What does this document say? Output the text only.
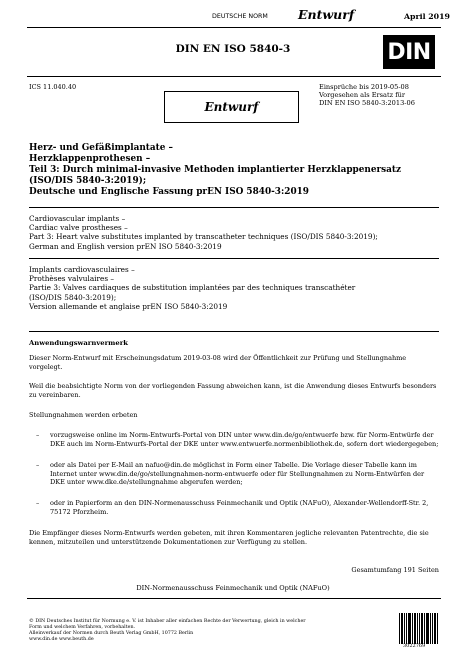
DEUTSCHE NORM Entwurf	April 2019
DIN EN ISO 5840-3	DIN
ICS 11.040.40
Entwurf
Einsprüche bis 2019-05-08
Vorgesehen als Ersatz für
DIN EN ISO 5840-3:2013-06
Herz- und Gefäßimplantate –
Herzklappenprothesen –
Teil 3: Durch minimal-invasive Methoden implantierter Herzklappenersatz
(ISO/DIS 5840-3:2019);
Deutsche und Englische Fassung prEN ISO 5840-3:2019
Cardiovascular implants –
Cardiac valve prostheses –
Part 3: Heart valve substitutes implanted by transcatheter techniques (ISO/DIS 5840-3:2019);
German and English version prEN ISO 5840-3:2019
Implants cardiovasculaires –
Prothèses valvulaires –
Partie 3: Valves cardiaques de substitution implantées par des techniques transcathéter
(ISO/DIS 5840-3:2019);
Version allemande et anglaise prEN ISO 5840-3:2019
Anwendungswarnvermerk
Dieser Norm-Entwurf mit Erscheinungsdatum 2019-03-08 wird der Öffentlichkeit zur Prüfung und Stellungnahme vorgelegt.
Weil die beabsichtigte Norm von der vorliegenden Fassung abweichen kann, ist die Anwendung dieses Entwurfs besonders zu vereinbaren.
Stellungnahmen werden erbeten
– vorzugsweise online im Norm-Entwurfs-Portal von DIN unter www.din.de/go/entwuerfe bzw. für Norm-Entwürfe der DKE auch im Norm-Entwurfs-Portal der DKE unter www.entwuerfe.normenbibliothek.de, sofern dort wiedergegeben;
– oder als Datei per E-Mail an nafuo@din.de möglichst in Form einer Tabelle. Die Vorlage dieser Tabelle kann im Internet unter www.din.de/go/stellungnahmen-norm-entwuerfe oder für Stellungnahmen zu Norm-Entwürfen der DKE unter www.dke.de/stellungnahme abgerufen werden;
– oder in Papierform an den DIN-Normenausschuss Feinmechanik und Optik (NAFuO), Alexander-Wellendorff-Str. 2, 75172 Pforzheim.
Die Empfänger dieses Norm-Entwurfs werden gebeten, mit ihren Kommentaren jegliche relevanten Patentrechte, die sie kennen, mitzuteilen und unterstützende Dokumentationen zur Verfügung zu stellen.
Gesamtumfang 191 Seiten
DIN-Normenausschuss Feinmechanik und Optik (NAFuO)
© DIN Deutsches Institut für Normung e. V. ist Inhaber aller einfachen Rechte der Verwertung, gleich in welcher Form und welchem Verfahren, vorbehalten.
Alleinverkauf der Normen durch Beuth Verlag GmbH, 10772 Berlin
www.din.de www.beuth.de
3022769
